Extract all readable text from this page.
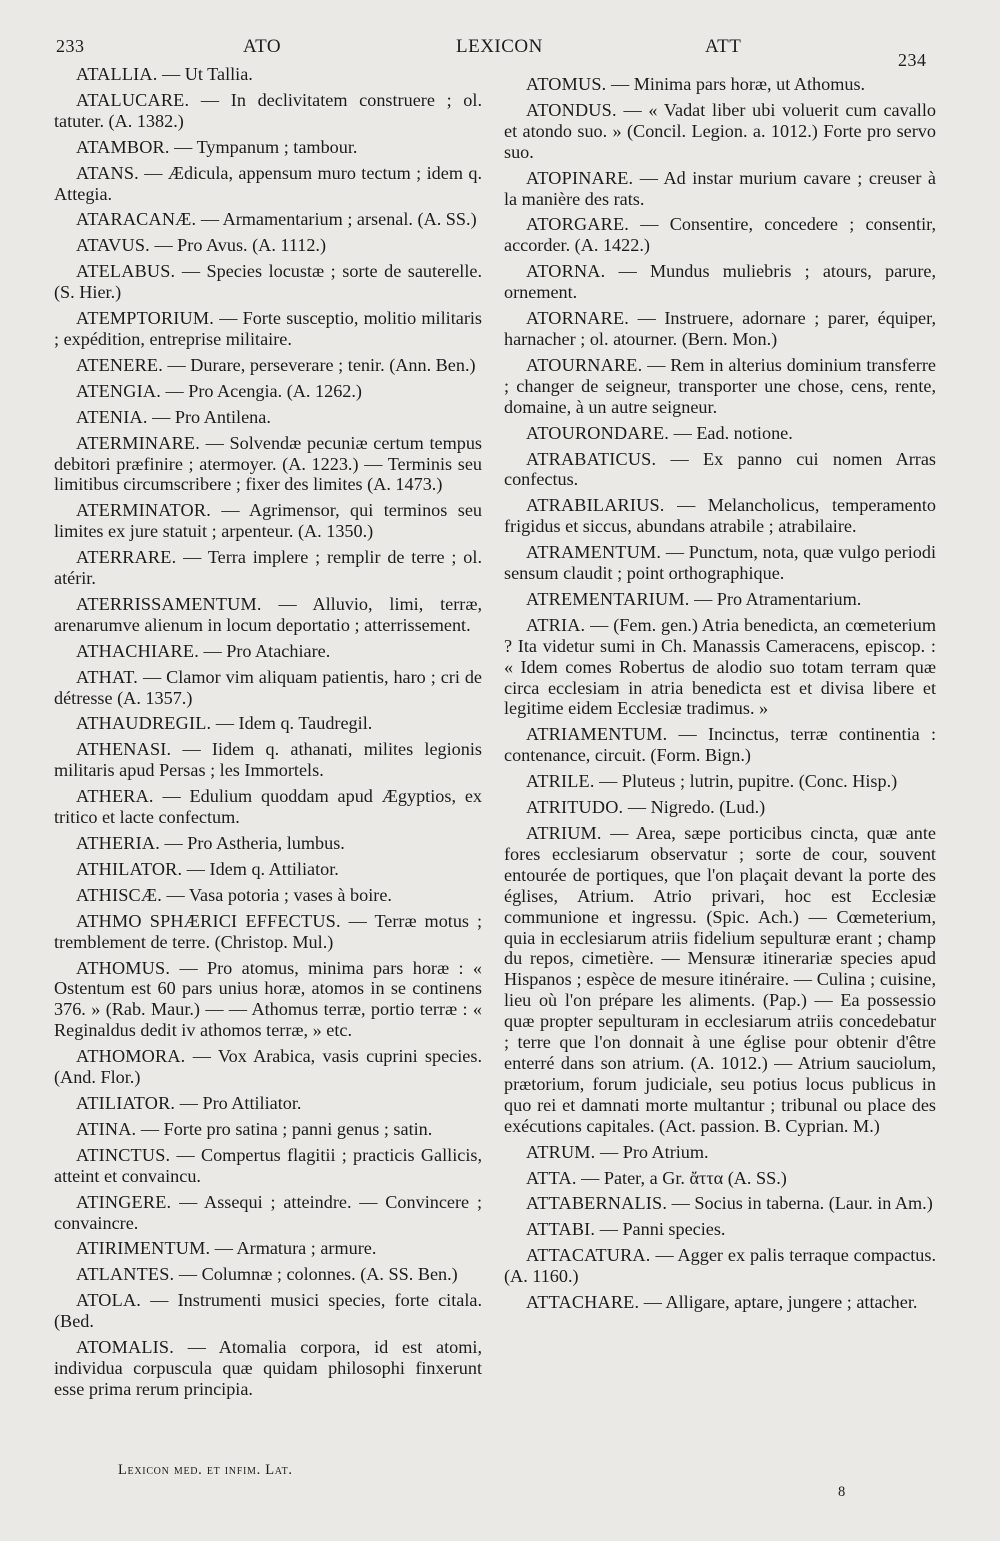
233	ATO	LEXICON	ATT
234

ATALLIA. — Ut Tallia.

ATALUCARE. — In declivitatem construere ; ol. tatuter. (A. 1382.)

ATAMBOR. — Tympanum ; tambour.

ATANS. — Ædicula, appensum muro tectum ; idem q. Attegia.

ATARACANÆ. — Armamentarium ; arsenal. (A. SS.)

ATAVUS. — Pro Avus. (A. 1112.)

ATELABUS. — Species locustæ ; sorte de sauterelle. (S. Hier.)

ATEMPTORIUM. — Forte susceptio, molitio militaris ; expédition, entreprise militaire.

ATENERE. — Durare, perseverare ; tenir. (Ann. Ben.)

ATENGIA. — Pro Acengia. (A. 1262.)

ATENIA. — Pro Antilena.

ATERMINARE. — Solvendæ pecuniæ certum tempus debitori præfinire ; atermoyer. (A. 1223.) — Terminis seu limitibus circumscribere ; fixer des limites (A. 1473.)

ATERMINATOR. — Agrimensor, qui terminos seu limites ex jure statuit ; arpenteur. (A. 1350.)

ATERRARE. — Terra implere ; remplir de terre ; ol. atérir.

ATERRISSAMENTUM. — Alluvio, limi, terræ, arenarumve alienum in locum deportatio ; atterrissement.

ATHACHIARE. — Pro Atachiare.

ATHAT. — Clamor vim aliquam patientis, haro ; cri de détresse (A. 1357.)

ATHAUDREGIL. — Idem q. Taudregil.

ATHENASI. — Iidem q. athanati, milites legionis militaris apud Persas ; les Immortels.

ATHERA. — Edulium quoddam apud Ægyptios, ex tritico et lacte confectum.

ATHERIA. — Pro Astheria, lumbus.

ATHILATOR. — Idem q. Attiliator.

ATHISCÆ. — Vasa potoria ; vases à boire.

ATHMO SPHÆRICI EFFECTUS. — Terræ motus ; tremblement de terre. (Christop. Mul.)

ATHOMUS. — Pro atomus, minima pars horæ : « Ostentum est 60 pars unius horæ, atomos in se continens 376. » (Rab. Maur.) — — Athomus terræ, portio terræ : « Reginaldus dedit iv athomos terræ, » etc.

ATHOMORA. — Vox Arabica, vasis cuprini species. (And. Flor.)

ATILIATOR. — Pro Attiliator.

ATINA. — Forte pro satina ; panni genus ; satin.

ATINCTUS. — Compertus flagitii ; practicis Gallicis, atteint et convaincu.

ATINGERE. — Assequi ; atteindre. — Convincere ; convaincre.

ATIRIMENTUM. — Armatura ; armure.

ATLANTES. — Columnæ ; colonnes. (A. SS. Ben.)

ATOLA. — Instrumenti musici species, forte citala. (Bed.

ATOMALIS. — Atomalia corpora, id est atomi, individua corpuscula quæ quidam philosophi finxerunt esse prima rerum principia.

ATOMUS. — Minima pars horæ, ut Athomus.

ATONDUS. — « Vadat liber ubi voluerit cum cavallo et atondo suo. » (Concil. Legion. a. 1012.) Forte pro servo suo.

ATOPINARE. — Ad instar murium cavare ; creuser à la manière des rats.

ATORGARE. — Consentire, concedere ; consentir, accorder. (A. 1422.)

ATORNA. — Mundus muliebris ; atours, parure, ornement.

ATORNARE. — Instruere, adornare ; parer, équiper, harnacher ; ol. atourner. (Bern. Mon.)

ATOURNARE. — Rem in alterius dominium transferre ; changer de seigneur, transporter une chose, cens, rente, domaine, à un autre seigneur.

ATOURONDARE. — Ead. notione.

ATRABATICUS. — Ex panno cui nomen Arras confectus.

ATRABILARIUS. — Melancholicus, temperamento frigidus et siccus, abundans atrabile ; atrabilaire.

ATRAMENTUM. — Punctum, nota, quæ vulgo periodi sensum claudit ; point orthographique.

ATREMENTARIUM. — Pro Atramentarium.

ATRIA. — (Fem. gen.) Atria benedicta, an cœmeterium ? Ita videtur sumi in Ch. Manassis Cameracens, episcop. : « Idem comes Robertus de alodio suo totam terram quæ circa ecclesiam in atria benedicta est et divisa libere et legitime eidem Ecclesiæ tradimus. »

ATRIAMENTUM. — Incinctus, terræ continentia : contenance, circuit. (Form. Bign.)

ATRILE. — Pluteus ; lutrin, pupitre. (Conc. Hisp.)

ATRITUDO. — Nigredo. (Lud.)

ATRIUM. — Area, sæpe porticibus cincta, quæ ante fores ecclesiarum observatur ; sorte de cour, souvent entourée de portiques, que l'on plaçait devant la porte des églises, Atrium. Atrio privari, hoc est Ecclesiæ communione et ingressu. (Spic. Ach.) — Cœmeterium, quia in ecclesiarum atriis fidelium sepulturæ erant ; champ du repos, cimetière. — Mensuræ itinerariæ species apud Hispanos ; espèce de mesure itinéraire. — Culina ; cuisine, lieu où l'on prépare les aliments. (Pap.) — Ea possessio quæ propter sepulturam in ecclesiarum atriis concedebatur ; terre que l'on donnait à une église pour obtenir d'être enterré dans son atrium. (A. 1012.) — Atrium sauciolum, prætorium, forum judiciale, seu potius locus publicus in quo rei et damnati morte multantur ; tribunal ou place des exécutions capitales. (Act. passion. B. Cyprian. M.)

ATRUM. — Pro Atrium.

ATTA. — Pater, a Gr. ἄττα (A. SS.)

ATTABERNALIS. — Socius in taberna. (Laur. in Am.)

ATTABI. — Panni species.

ATTACATURA. — Agger ex palis terraque compactus. (A. 1160.)

ATTACHARE. — Alligare, aptare, jungere ; attacher.

Lexicon med. et infim. Lat.
8
